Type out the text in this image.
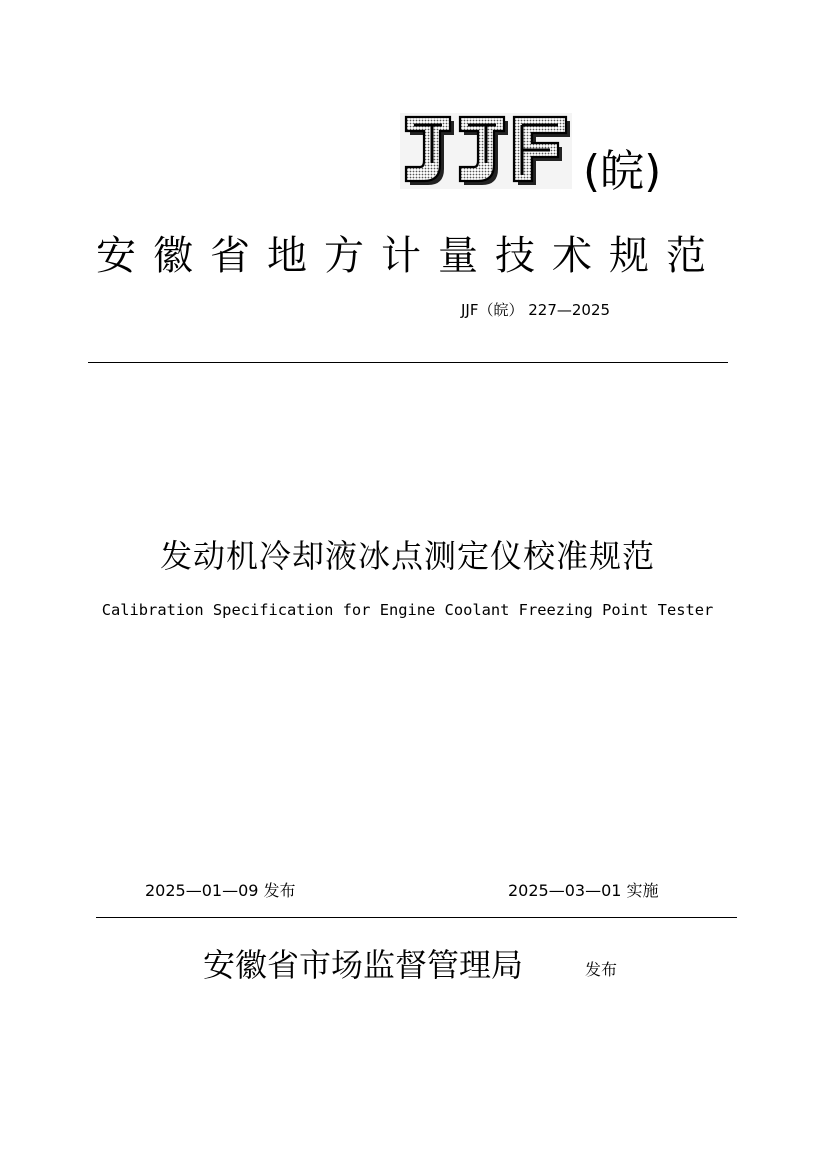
JJF
(皖)
安徽省地方计量技术规范
JJF（皖） 227—2025
发动机冷却液冰点测定仪校准规范
Calibration Specification for Engine Coolant Freezing Point Tester
2025—01—09 发布	2025—03—01 实施
安徽省市场监督管理局	发布
